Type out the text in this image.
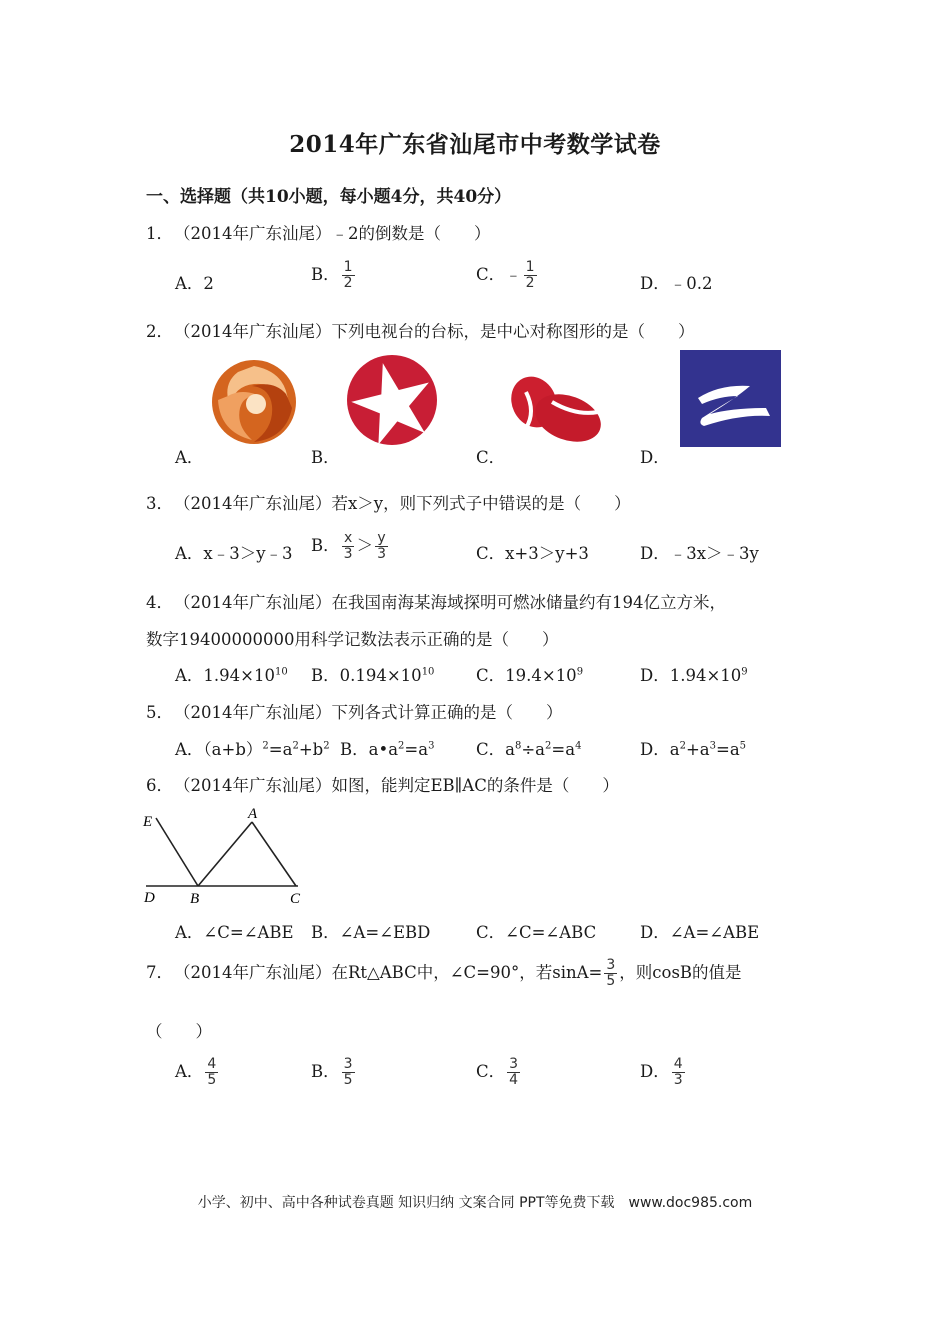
2014年广东省汕尾市中考数学试卷
一、选择题（共10小题，每小题4分，共40分）
1．（2014年广东汕尾）﹣2的倒数是（　　）
A．2	B． $\frac{1}{2}$	C．﹣ $\frac{1}{2}$	D．﹣0.2
2．（2014年广东汕尾）下列电视台的台标，是中心对称图形的是（　　）
A．	B．	C．	D．
3．（2014年广东汕尾）若x＞y，则下列式子中错误的是（　　）
A．x﹣3＞y﹣3 B． $\frac{x}{3} > \frac{y}{3}$	C．x+3＞y+3	D．﹣3x＞﹣3y
4．（2014年广东汕尾）在我国南海某海域探明可燃冰储量约有194亿立方米，
数字19400000000用科学记数法表示正确的是（　　）
A．$1.94\times 10^{10}$ B．$0.194\times 10^{10}$	C．$19.4\times 10^9$	D．$1.94\times 10^9$
5．（2014年广东汕尾）下列各式计算正确的是（　　）
A．$(a+b)^2=a^2+b^2$ B．$a•a^2=a^3$	C．$a^8\div a^2=a^4$	D．$a^2+a^3=a^5$
6．（2014年广东汕尾）如图，能判定EB∥AC的条件是（　　）
E	A
D B	C
A．∠C=∠ABE B．∠A=∠EBD	C．∠C=∠ABC	D．∠A=∠ABE
7．（2014年广东汕尾）在Rt△ABC中，∠C=90°，若$\sin A= \frac{3}{5}$ ，则cosB的值是
（　　）
A． $\frac{4}{5}$	B． $\frac{3}{5}$	C． $\frac{3}{4}$	D． $\frac{4}{3}$
小学、初中、高中各种试卷真题 知识归纳 文案合同 PPT等免费下载　www.doc985.com
